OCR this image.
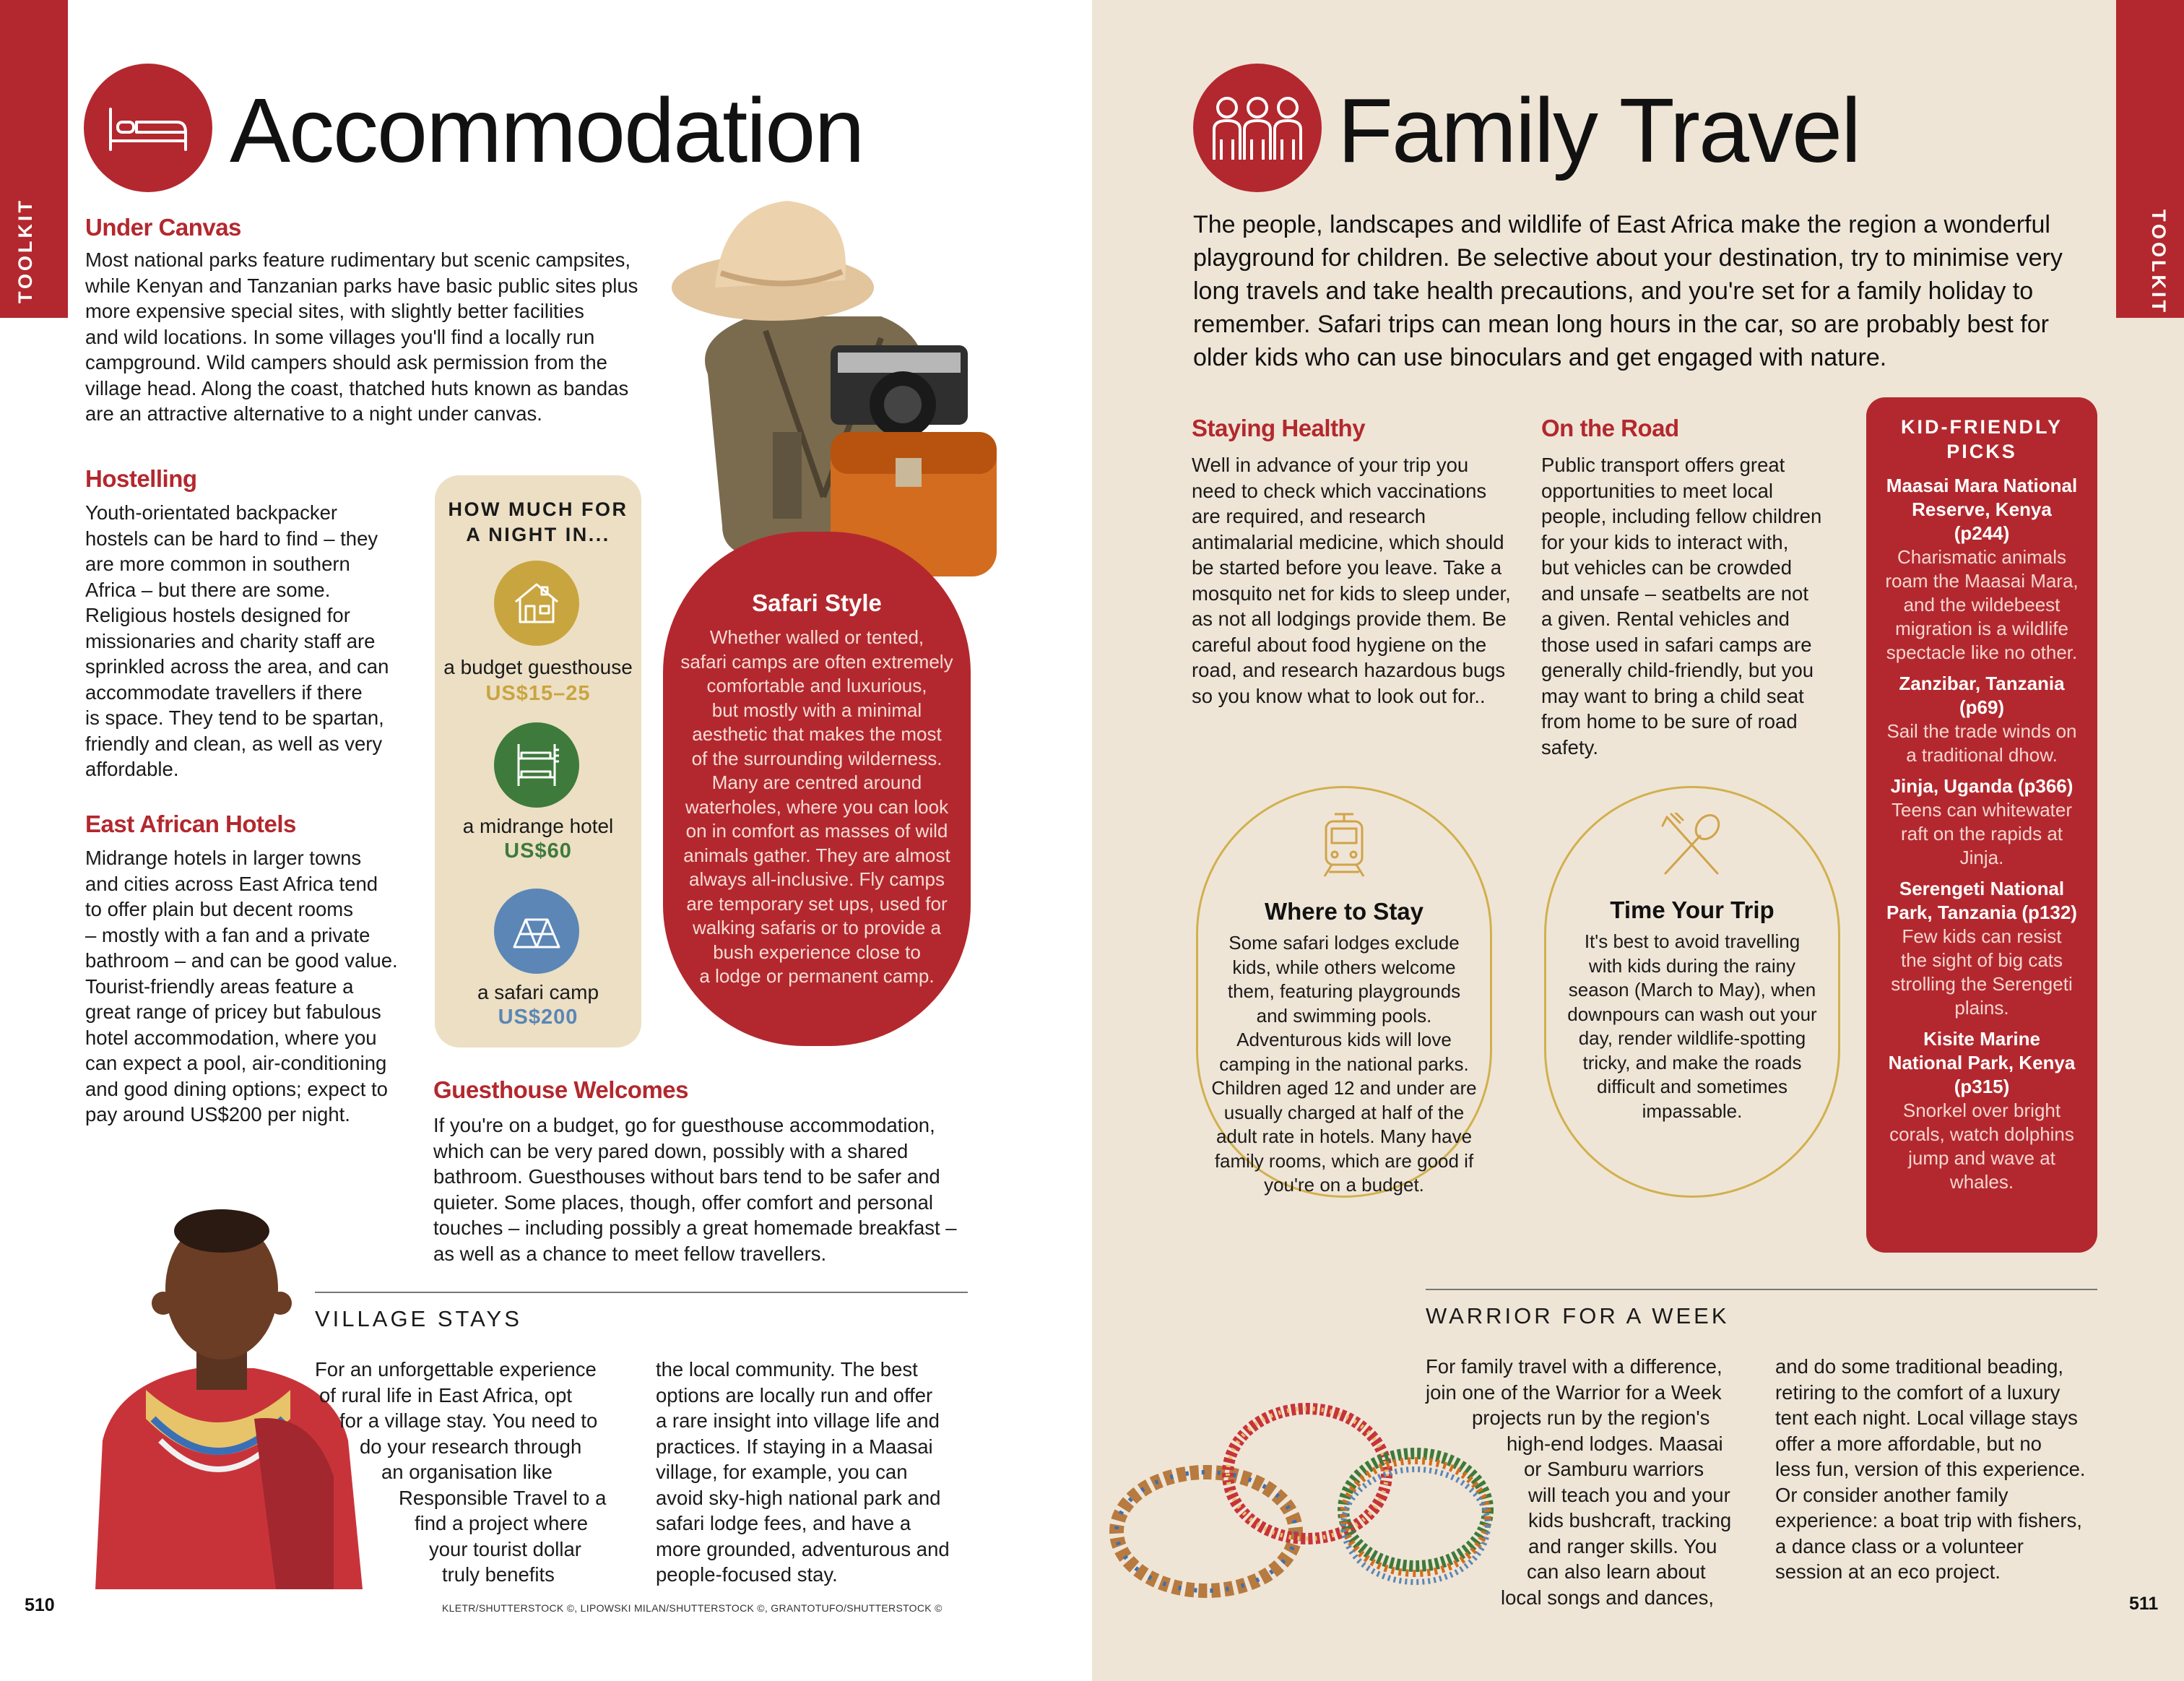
TOOLKIT
Accommodation
Under Canvas
Most national parks feature rudimentary but scenic campsites,
while Kenyan and Tanzanian parks have basic public sites plus
more expensive special sites, with slightly better facilities
and wild locations. In some villages you'll find a locally run
campground. Wild campers should ask permission from the
village head. Along the coast, thatched huts known as bandas
are an attractive alternative to a night under canvas.
Hostelling
Youth-orientated backpacker
hostels can be hard to find – they
are more common in southern
Africa – but there are some.
Religious hostels designed for
missionaries and charity staff are
sprinkled across the area, and can
accommodate travellers if there
is space. They tend to be spartan,
friendly and clean, as well as very
affordable.
East African Hotels
Midrange hotels in larger towns
and cities across East Africa tend
to offer plain but decent rooms
– mostly with a fan and a private
bathroom – and can be good value.
Tourist-friendly areas feature a
great range of pricey but fabulous
hotel accommodation, where you
can expect a pool, air-conditioning
and good dining options; expect to
pay around US$200 per night.
HOW MUCH FOR
A NIGHT IN...
a budget guesthouse
US$15–25
a midrange hotel
US$60
a safari camp
US$200
Safari Style
Whether walled or tented,
safari camps are often extremely
comfortable and luxurious,
but mostly with a minimal
aesthetic that makes the most
of the surrounding wilderness.
Many are centred around
waterholes, where you can look
on in comfort as masses of wild
animals gather. They are almost
always all-inclusive. Fly camps
are temporary set ups, used for
walking safaris or to provide a
bush experience close to
a lodge or permanent camp.
Guesthouse Welcomes
If you're on a budget, go for guesthouse accommodation,
which can be very pared down, possibly with a shared
bathroom. Guesthouses without bars tend to be safer and
quieter. Some places, though, offer comfort and personal
touches – including possibly a great homemade breakfast –
as well as a chance to meet fellow travellers.
VILLAGE STAYS
For an unforgettable experience
of rural life in East Africa, opt
for a village stay. You need to
do your research through
an organisation like
Responsible Travel to a
find a project where
your tourist dollar
truly benefits
the local community. The best
options are locally run and offer
a rare insight into village life and
practices. If staying in a Maasai
village, for example, you can
avoid sky-high national park and
safari lodge fees, and have a
more grounded, adventurous and
people-focused stay.
510	KLETR/SHUTTERSTOCK ©, LIPOWSKI MILAN/SHUTTERSTOCK ©, GRANTOTUFO/SHUTTERSTOCK ©
TOOLKIT
Family Travel
The people, landscapes and wildlife of East Africa make the region a wonderful
playground for children. Be selective about your destination, try to minimise very
long travels and take health precautions, and you're set for a family holiday to
remember. Safari trips can mean long hours in the car, so are probably best for
older kids who can use binoculars and get engaged with nature.
Staying Healthy
Well in advance of your trip you
need to check which vaccinations
are required, and research
antimalarial medicine, which should
be started before you leave. Take a
mosquito net for kids to sleep under,
as not all lodgings provide them. Be
careful about food hygiene on the
road, and research hazardous bugs
so you know what to look out for..
On the Road
Public transport offers great
opportunities to meet local
people, including fellow children
for your kids to interact with,
but vehicles can be crowded
and unsafe – seatbelts are not
a given. Rental vehicles and
those used in safari camps are
generally child-friendly, but you
may want to bring a child seat
from home to be sure of road
safety.
KID-FRIENDLY
PICKS
Maasai Mara National
Reserve, Kenya
(p244)
Charismatic animals
roam the Maasai Mara,
and the wildebeest
migration is a wildlife
spectacle like no other.
Zanzibar, Tanzania
(p69)
Sail the trade winds on
a traditional dhow.
Jinja, Uganda (p366)
Teens can whitewater
raft on the rapids at
Jinja.
Serengeti National
Park, Tanzania (p132)
Few kids can resist
the sight of big cats
strolling the Serengeti
plains.
Kisite Marine
National Park, Kenya
(p315)
Snorkel over bright
corals, watch dolphins
jump and wave at
whales.
Where to Stay
Some safari lodges exclude
kids, while others welcome
them, featuring playgrounds
and swimming pools.
Adventurous kids will love
camping in the national parks.
Children aged 12 and under are
usually charged at half of the
adult rate in hotels. Many have
family rooms, which are good if
you're on a budget.
Time Your Trip
It's best to avoid travelling
with kids during the rainy
season (March to May), when
downpours can wash out your
day, render wildlife-spotting
tricky, and make the roads
difficult and sometimes
impassable.
WARRIOR FOR A WEEK
For family travel with a difference,
join one of the Warrior for a Week
projects run by the region's
high-end lodges. Maasai
or Samburu warriors
will teach you and your
kids bushcraft, tracking
and ranger skills. You
can also learn about
local songs and dances,
and do some traditional beading,
retiring to the comfort of a luxury
tent each night. Local village stays
offer a more affordable, but no
less fun, version of this experience.
Or consider another family
experience: a boat trip with fishers,
a dance class or a volunteer
session at an eco project.
511
